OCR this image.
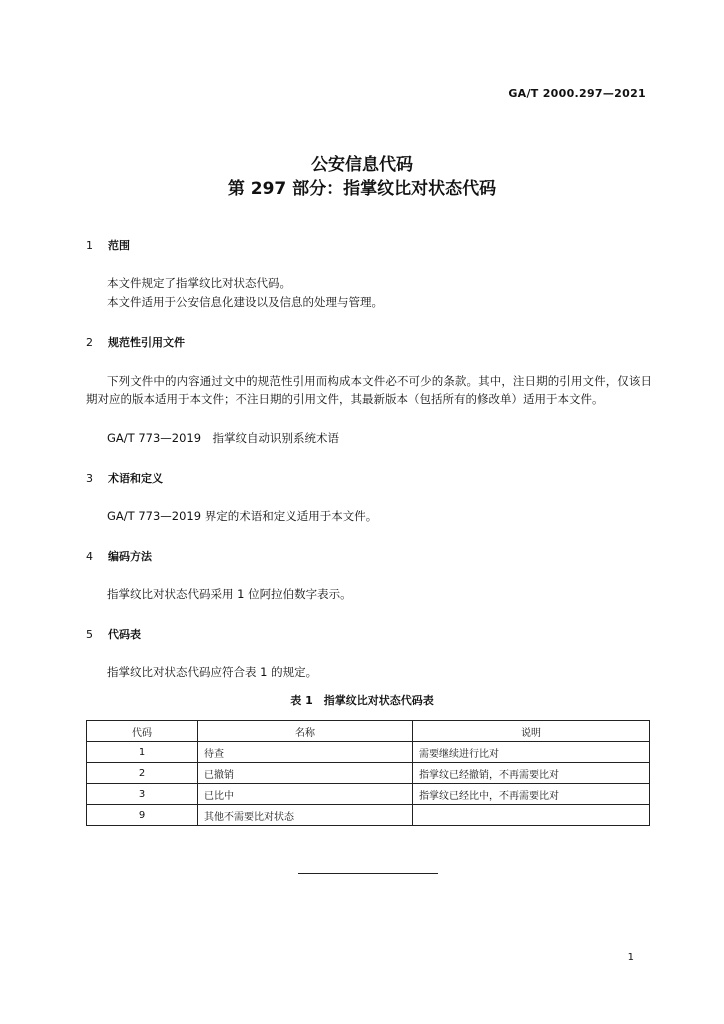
GA/T 2000.297—2021
公安信息代码
第 297 部分：指掌纹比对状态代码
1 范围
本文件规定了指掌纹比对状态代码。
本文件适用于公安信息化建设以及信息的处理与管理。
2 规范性引用文件
下列文件中的内容通过文中的规范性引用而构成本文件必不可少的条款。其中，注日期的引用文件，仅该日期对应的版本适用于本文件；不注日期的引用文件，其最新版本（包括所有的修改单）适用于本文件。
GA/T 773—2019　指掌纹自动识别系统术语
3 术语和定义
GA/T 773—2019 界定的术语和定义适用于本文件。
4 编码方法
指掌纹比对状态代码采用 1 位阿拉伯数字表示。
5 代码表
指掌纹比对状态代码应符合表 1 的规定。
表 1　指掌纹比对状态代码表
代码	名称	说明
1	待查	需要继续进行比对
2	已撤销	指掌纹已经撤销，不再需要比对
3	已比中	指掌纹已经比中，不再需要比对
9	其他不需要比对状态	
1
